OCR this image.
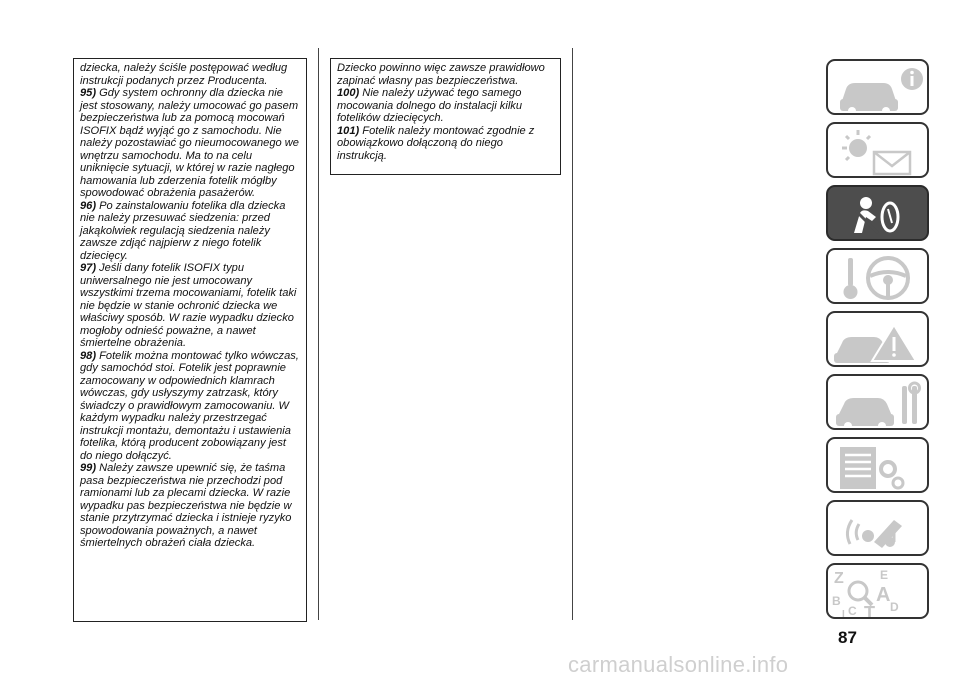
dziecka, należy ściśle postępować według instrukcji podanych przez Producenta.

95) Gdy system ochronny dla dziecka nie jest stosowany, należy umocować go pasem bezpieczeństwa lub za pomocą mocowań ISOFIX bądź wyjąć go z samochodu. Nie należy pozostawiać go nieumocowanego we wnętrzu samochodu. Ma to na celu uniknięcie sytuacji, w której w razie nagłego hamowania lub zderzenia fotelik mógłby spowodować obrażenia pasażerów.

96) Po zainstalowaniu fotelika dla dziecka nie należy przesuwać siedzenia: przed jakąkolwiek regulacją siedzenia należy zawsze zdjąć najpierw z niego fotelik dziecięcy.

97) Jeśli dany fotelik ISOFIX typu uniwersalnego nie jest umocowany wszystkimi trzema mocowaniami, fotelik taki nie będzie w stanie ochronić dziecka we właściwy sposób. W razie wypadku dziecko mogłoby odnieść poważne, a nawet śmiertelne obrażenia.

98) Fotelik można montować tylko wówczas, gdy samochód stoi. Fotelik jest poprawnie zamocowany w odpowiednich klamrach wówczas, gdy usłyszymy zatrzask, który świadczy o prawidłowym zamocowaniu. W każdym wypadku należy przestrzegać instrukcji montażu, demontażu i ustawienia fotelika, którą producent zobowiązany jest do niego dołączyć.

99) Należy zawsze upewnić się, że taśma pasa bezpieczeństwa nie przechodzi pod ramionami lub za plecami dziecka. W razie wypadku pas bezpieczeństwa nie będzie w stanie przytrzymać dziecka i istnieje ryzyko spowodowania poważnych, a nawet śmiertelnych obrażeń ciała dziecka.

Dziecko powinno więc zawsze prawidłowo zapinać własny pas bezpieczeństwa.

100) Nie należy używać tego samego mocowania dolnego do instalacji kilku fotelików dziecięcych.

101) Fotelik należy montować zgodnie z obowiązkowo dołączoną do niego instrukcją.

Z	E
B A
C T D
I
87
carmanualsonline.info
